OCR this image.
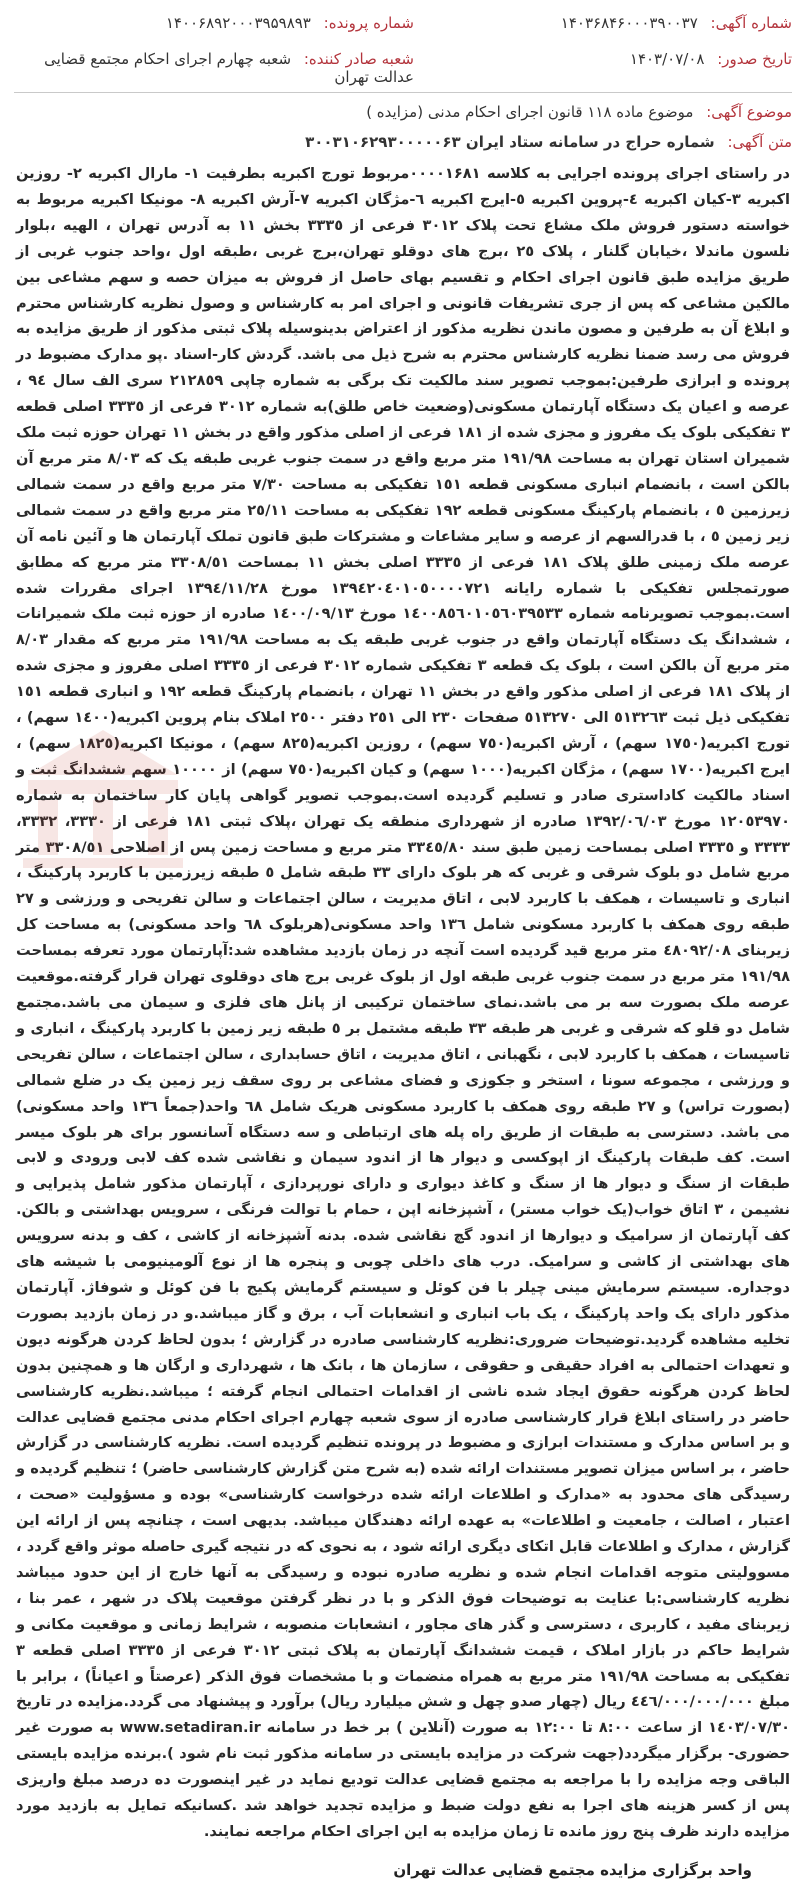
شماره آگهی: ۱۴۰۳۶۸۴۶۰۰۰۳۹۰۰۳۷
شماره پرونده: ۱۴۰۰۶۸۹۲۰۰۰۳۹۵۹۸۹۳
تاریخ صدور: ۱۴۰۳/۰۷/۰۸
شعبه صادر کننده: شعبه چهارم اجرای احکام مجتمع قضایی عدالت تهران
موضوع آگهی: موضوع ماده ۱۱۸ قانون اجرای احکام مدنی (مزایده )
متن آگهی: شماره حراج در سامانه ستاد ایران ۳۰۰۳۱۰۶۲۹۳۰۰۰۰۰۶۳

در راستای اجرای پرونده اجرایی به کلاسه ۰۰۰۰۱۶۸۱مربوط تورج اکبریه بطرفیت ۱- مارال اکبریه ۲- روزین اکبریه ۳-کیان اکبریه ٤-پروین اکبریه ٥-ایرج اکبریه ٦-مژگان اکبریه ۷-آرش اکبریه ۸- مونیکا اکبریه مربوط به خواسته دستور فروش ملک مشاع تحت پلاک ۳۰۱۲ فرعی از ۳۳۳٥ بخش ۱۱ به آدرس تهران ، الهیه ،بلوار نلسون ماندلا ،خیابان گلنار ، پلاک ۲٥ ،برج های دوقلو تهران،برج غربی ،طبقه اول ،واحد جنوب غربی از طریق مزایده طبق قانون اجرای احکام و تقسیم بهای حاصل از فروش به میزان حصه و سهم مشاعی بین مالکین مشاعی که پس از جری تشریفات قانونی و اجرای امر به کارشناس و وصول نظریه کارشناس محترم و ابلاغ آن به طرفین و مصون ماندن نظریه مذکور از اعتراض بدینوسیله پلاک ثبتی مذکور از طریق مزایده به فروش می رسد ضمنا نظریه کارشناس محترم به شرح ذیل می باشد. گردش کار-اسناد .پو مدارک مضبوط در پرونده و ابرازی طرفین:بموجب تصویر سند مالکیت تک برگی به شماره چاپی ۲۱۲۸٥۹ سری الف سال ۹٤ ، عرصه و اعیان یک دستگاه آپارتمان مسکونی(وضعیت خاص طلق)به شماره ۳۰۱۲ فرعی از ۳۳۳٥ اصلی قطعه ۳ تفکیکی بلوک یک مفروز و مجزی شده از ۱۸۱ فرعی از اصلی مذکور واقع در بخش ۱۱ تهران حوزه ثبت ملک شمیران استان تهران به مساحت ۱۹۱/۹۸ متر مربع واقع در سمت جنوب غربی طبقه یک که ۸/۰۳ متر مربع آن بالکن است ، بانضمام انباری مسکونی قطعه ۱٥۱ تفکیکی به مساحت ۷/۳۰ متر مربع واقع در سمت شمالی زیرزمین ٥ ، بانضمام پارکینگ مسکونی قطعه ۱۹۲ تفکیکی به مساحت ۲٥/۱۱ متر مربع واقع در سمت شمالی زیر زمین ٥ ، با قدرالسهم از عرصه و سایر مشاعات و مشترکات طبق قانون تملک آپارتمان ها و آئین نامه آن عرصه ملک زمینی طلق پلاک ۱۸۱ فرعی از ۳۳۳٥ اصلی بخش ۱۱ بمساحت ۳۳۰۸/٥۱ متر مربع که مطابق صورتمجلس تفکیکی با شماره رایانه ۱۳۹٤۲۰٤۰۱۰٥۰۰۰۰۷۲۱ مورخ ۱۳۹٤/۱۱/۲۸ اجرای مقررات شده است.بموجب تصویرنامه شماره ۱٤۰۰۸٥٦۰۱۰٥٦۰۳۹٥۳۳ مورخ ۱٤۰۰/۰۹/۱۳ صادره از حوزه ثبت ملک شمیرانات ، ششدانگ یک دستگاه آپارتمان واقع در جنوب غربی طبقه یک به مساحت ۱۹۱/۹۸ متر مربع که مقدار ۸/۰۳ متر مربع آن بالکن است ، بلوک یک قطعه ۳ تفکیکی شماره ۳۰۱۲ فرعی از ۳۳۳٥ اصلی مفروز و مجزی شده از پلاک ۱۸۱ فرعی از اصلی مذکور واقع در بخش ۱۱ تهران ، بانضمام پارکینگ قطعه ۱۹۲ و انباری قطعه ۱٥۱ تفکیکی ذیل ثبت ٥۱۳۲٦۳ الی ٥۱۳۲۷۰ صفحات ۲۳۰ الی ۲٥۱ دفتر ۲٥۰۰ املاک بنام پروین اکبریه(۱٤۰۰ سهم) ، تورج اکبریه(۱۷٥۰ سهم) ، آرش اکبریه(۷٥۰ سهم) ، روزین اکبریه(۸۲٥ سهم) ، مونیکا اکبریه(۱۸۲٥ سهم) ، ایرج اکبریه(۱۷۰۰ سهم) ، مژگان اکبریه(۱۰۰۰ سهم) و کیان اکبریه(۷٥۰ سهم) از ۱۰۰۰۰ سهم ششدانگ ثبت و اسناد مالکیت کاداستری صادر و تسلیم گردیده است.بموجب تصویر گواهی پایان کار ساختمان به شماره ۱۲۰٥۳۹۷۰ مورخ ۱۳۹۲/۰٦/۰۳ صادره از شهرداری منطقه یک تهران ،پلاک ثبتی ۱۸۱ فرعی از ۳۳۳۰، ۳۳۳۲، ۳۳۳۳ و ۳۳۳٥ اصلی بمساحت زمین طبق سند ۳۳٤٥/۸۰ متر مربع و مساحت زمین پس از اصلاحی ۳۳۰۸/٥۱ متر مربع شامل دو بلوک شرقی و غربی که هر بلوک دارای ۳۳ طبقه شامل ٥ طبقه زیرزمین با کاربرد پارکینگ ، انباری و تاسیسات ، همکف با کاربرد لابی ، اتاق مدیریت ، سالن اجتماعات و سالن تفریحی و ورزشی و ۲۷ طبقه روی همکف با کاربرد مسکونی شامل ۱۳٦ واحد مسکونی(هربلوک ٦۸ واحد مسکونی) به مساحت کل زیربنای ٤۸۰۹۲/۰۸ متر مربع قید گردیده است آنچه در زمان بازدید مشاهده شد:آپارتمان مورد تعرفه بمساحت ۱۹۱/۹۸ متر مربع در سمت جنوب غربی طبقه اول از بلوک غربی برج های دوقلوی تهران قرار گرفته.موقعیت عرصه ملک بصورت سه بر می باشد.نمای ساختمان ترکیبی از پانل های فلزی و سیمان می باشد.مجتمع شامل دو قلو که شرقی و غربی هر طبقه ۳۳ طبقه مشتمل بر ٥ طبقه زیر زمین با کاربرد پارکینگ ، انباری و تاسیسات ، همکف با کاربرد لابی ، نگهبانی ، اتاق مدیریت ، اتاق حسابداری ، سالن اجتماعات ، سالن تفریحی و ورزشی ، مجموعه سونا ، استخر و جکوزی و فضای مشاعی بر روی سقف زیر زمین یک در ضلع شمالی (بصورت تراس) و ۲۷ طبقه روی همکف با کاربرد مسکونی هریک شامل ٦۸ واحد(جمعاً ۱۳٦ واحد مسکونی) می باشد. دسترسی به طبقات از طریق راه پله های ارتباطی و سه دستگاه آسانسور برای هر بلوک میسر است. کف طبقات پارکینگ از اپوکسی و دیوار ها از اندود سیمان و نقاشی شده کف لابی ورودی و لابی طبقات از سنگ و دیوار ها از سنگ و کاغذ دیواری و دارای نورپردازی ، آپارتمان مذکور شامل پذیرایی و نشیمن ، ۳ اتاق خواب(یک خواب مستر) ، آشپزخانه اپن ، حمام با توالت فرنگی ، سرویس بهداشتی و بالکن. کف آپارتمان از سرامیک و دیوارها از اندود گچ نقاشی شده. بدنه آشپزخانه از کاشی ، کف و بدنه سرویس های بهداشتی از کاشی و سرامیک. درب های داخلی چوبی و پنجره ها از نوع آلومینیومی با شیشه های دوجداره. سیستم سرمایش مینی چیلر با فن کوئل و سیستم گرمایش پکیج با فن کوئل و شوفاژ. آپارتمان مذکور دارای یک واحد پارکینگ ، یک باب انباری و انشعابات آب ، برق و گاز میباشد.و در زمان بازدید بصورت تخلیه مشاهده گردید.توضیحات ضروری:نظریه کارشناسی صادره در گزارش ؛ بدون لحاظ کردن هرگونه دیون و تعهدات احتمالی به افراد حقیقی و حقوقی ، سازمان ها ، بانک ها ، شهرداری و ارگان ها و همچنین بدون لحاظ کردن هرگونه حقوق ایجاد شده ناشی از اقدامات احتمالی انجام گرفته ؛ میباشد.نظریه کارشناسی حاضر در راستای ابلاغ قرار کارشناسی صادره از سوی شعبه چهارم اجرای احکام مدنی مجتمع قضایی عدالت و بر اساس مدارک و مستندات ابرازی و مضبوط در پرونده تنظیم گردیده است. نظریه کارشناسی در گزارش حاضر ، بر اساس میزان تصویر مستندات ارائه شده (به شرح متن گزارش کارشناسی حاضر) ؛ تنظیم گردیده و رسیدگی های محدود به «مدارک و اطلاعات ارائه شده درخواست کارشناسی» بوده و مسؤولیت «صحت ، اعتبار ، اصالت ، جامعیت و اطلاعات» به عهده ارائه دهندگان میباشد. بدیهی است ، چنانچه پس از ارائه این گزارش ، مدارک و اطلاعات قابل اتکای دیگری ارائه شود ، به نحوی که در نتیجه گیری حاصله موثر واقع گردد ، مسوولیتی متوجه اقدامات انجام شده و نظریه صادره نبوده و رسیدگی به آنها خارج از این حدود میباشد نظریه کارشناسی:با عنایت به توضیحات فوق الذکر و با در نظر گرفتن موقعیت پلاک در شهر ، عمر بنا ، زیربنای مفید ، کاربری ، دسترسی و گذر های مجاور ، انشعابات منصوبه ، شرایط زمانی و موقعیت مکانی و شرایط حاکم در بازار املاک ، قیمت ششدانگ آپارتمان به پلاک ثبتی ۳۰۱۲ فرعی از ۳۳۳٥ اصلی قطعه ۳ تفکیکی به مساحت ۱۹۱/۹۸ متر مربع به همراه منضمات و با مشخصات فوق الذکر (عرصتاً و اعیاناً) ، برابر با مبلغ ٤٤٦/۰۰۰/۰۰۰/۰۰۰ ریال (چهار صدو چهل و شش میلیارد ریال) برآورد و پیشنهاد می گردد.مزایده در تاریخ ۱٤۰۳/۰۷/۳۰ از ساعت ۸:۰۰ تا ۱۲:۰۰ به صورت (آنلاین ) بر خط در سامانه www.setadiran.ir به صورت غیر حضوری- برگزار میگردد(جهت شرکت در مزایده بایستی در سامانه مذکور ثبت نام شود ).برنده مزایده بایستی الباقی وجه مزایده را با مراجعه به مجتمع قضایی عدالت تودیع نماید در غیر اینصورت ده درصد مبلغ واریزی پس از کسر هزینه های اجرا به نفع دولت ضبط و مزایده تجدید خواهد شد .کسانیکه تمایل به بازدید مورد مزایده دارند ظرف پنج روز مانده تا زمان مزایده به این اجرای احکام مراجعه نمایند.

واحد برگزاری مزایده مجتمع قضایی عدالت تهران
